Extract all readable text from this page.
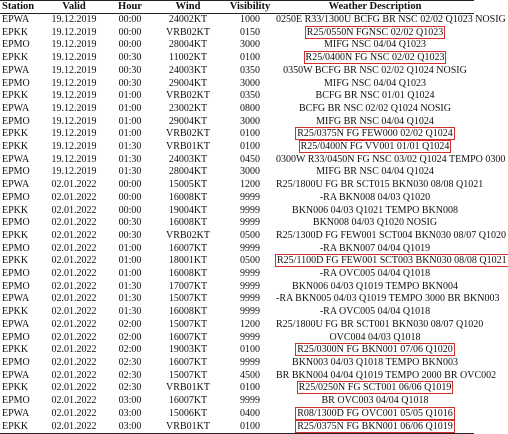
Station	Valid	Hour	Wind	Visibility	Weather Description
EPWA	19.12.2019	00:00	24002KT	1000	0250E R33/1300U BCFG BR NSC 02/02 Q1023 NOSIG
EPKK	19.12.2019	00:00	VRB02KT	0150	R25/0550N FGNSC 02/02 Q1023
EPMO	19.12.2019	00:00	28004KT	3000	MIFG NSC 04/04 Q1023
EPKK	19.12.2019	00:30	11002KT	0100	R25/0400N FG NSC 02/02 Q1023
EPWA	19.12.2019	00:30	24003KT	0350	0350W BCFG BR NSC 02/02 Q1024 NOSIG
EPMO	19.12.2019	00:30	29004KT	3000	MIFG NSC 04/04 Q1023
EPKK	19.12.2019	01:00	VRB02KT	0350	BCFG BR NSC 01/01 Q1024
EPWA	19.12.2019	01:00	23002KT	0800	BCFG BR NSC 02/02 Q1024 NOSIG
EPMO	19.12.2019	01:00	29004KT	3000	MIFG BR NSC 04/04 Q1024
EPKK	19.12.2019	01:00	VRB02KT	0100	R25/0375N FG FEW000 02/02 Q1024
EPKK	19.12.2019	01:30	VRB01KT	0100	R25/0400N FG VV001 01/01 Q1024
EPWA	19.12.2019	01:30	24003KT	0450	0300W R33/0450N FG NSC 03/02 Q1024 TEMPO 0300
EPMO	19.12.2019	01:30	28004KT	3000	MIFG BR NSC 04/04 Q1024
EPWA	02.01.2022	00:00	15005KT	1200	R25/1800U FG BR SCT015 BKN030 08/08 Q1021
EPMO	02.01.2022	00:00	16008KT	9999	-RA BKN008 04/03 Q1020
EPKK	02.01.2022	00:00	19004KT	9999	BKN006 04/03 Q1021 TEMPO BKN008
EPMO	02.01.2022	00:30	16008KT	9999	BKN008 04/03 Q1020 NOSIG
EPKK	02.01.2022	00:30	VRB02KT	0500	R25/1300D FG FEW001 SCT004 BKN030 08/07 Q1020
EPMO	02.01.2022	01:00	16007KT	9999	-RA BKN007 04/04 Q1019
EPKK	02.01.2022	01:00	18001KT	0500	R25/1100D FG FEW001 SCT003 BKN030 08/08 Q1021
EPMO	02.01.2022	01:00	16008KT	9999	-RA OVC005 04/04 Q1018
EPMO	02.01.2022	01:30	17007KT	9999	BKN006 04/03 Q1019 TEMPO BKN004
EPWA	02.01.2022	01:30	15007KT	9999	-RA BKN005 04/03 Q1019 TEMPO 3000 BR BKN003
EPKK	02.01.2022	01:30	16008KT	9999	-RA OVC005 04/04 Q1018
EPWA	02.01.2022	02:00	15007KT	1200	R25/1800U FG BR SCT001 BKN030 08/07 Q1020
EPMO	02.01.2022	02:00	16007KT	9999	OVC004 04/03 Q1018
EPKK	02.01.2022	02:00	19003KT	0100	R25/0300N FG BKN001 07/06 Q1020
EPMO	02.01.2022	02:30	16007KT	9999	BKN003 04/03 Q1018 TEMPO BKN003
EPWA	02.01.2022	02:30	15007KT	4500	BR BKN004 04/04 Q1019 TEMPO 2000 BR OVC002
EPKK	02.01.2022	02:30	VRB01KT	0100	R25/0250N FG SCT001 06/06 Q1019
EPMO	02.01.2022	03:00	16007KT	9999	BR OVC003 04/04 Q1018
EPWA	02.01.2022	03:00	15006KT	0400	R08/1300D FG OVC001 05/05 Q1016
EPKK	02.01.2022	03:00	VRB01KT	0100	R25/0375N FG BKN001 06/06 Q1019
